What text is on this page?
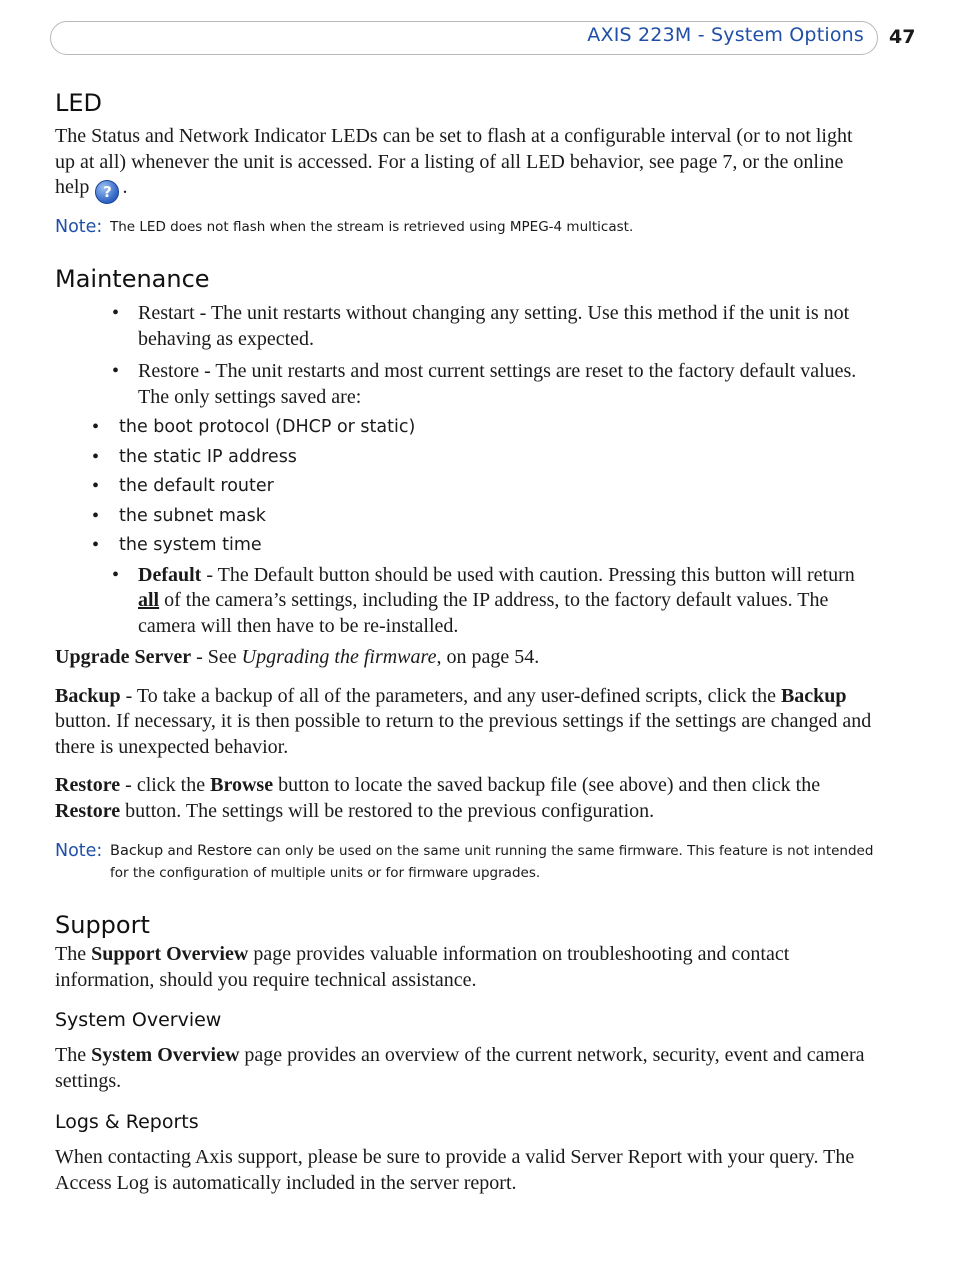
AXIS 223M - System Options 47
LED

The Status and Network Indicator LEDs can be set to flash at a configurable interval (or to not light up at all) whenever the unit is accessed. For a listing of all LED behavior, see page 7, or the online help ? .

Note: The LED does not flash when the stream is retrieved using MPEG-4 multicast.
Maintenance
• Restart - The unit restarts without changing any setting. Use this method if the unit is not behaving as expected.
• Restore - The unit restarts and most current settings are reset to the factory default values. The only settings saved are:
• the boot protocol (DHCP or static)
• the static IP address
• the default router
• the subnet mask
• the system time
• Default - The Default button should be used with caution. Pressing this button will return all of the camera’s settings, including the IP address, to the factory default values. The camera will then have to be re-installed.

Upgrade Server - See Upgrading the firmware, on page 54.

Backup - To take a backup of all of the parameters, and any user-defined scripts, click the Backup button. If necessary, it is then possible to return to the previous settings if the settings are changed and there is unexpected behavior.

Restore - click the Browse button to locate the saved backup file (see above) and then click the Restore button. The settings will be restored to the previous configuration.

Note: Backup and Restore can only be used on the same unit running the same firmware. This feature is not intended for the configuration of multiple units or for firmware upgrades.
Support

The Support Overview page provides valuable information on troubleshooting and contact information, should you require technical assistance.

System Overview

The System Overview page provides an overview of the current network, security, event and camera settings.

Logs & Reports

When contacting Axis support, please be sure to provide a valid Server Report with your query. The Access Log is automatically included in the server report.
